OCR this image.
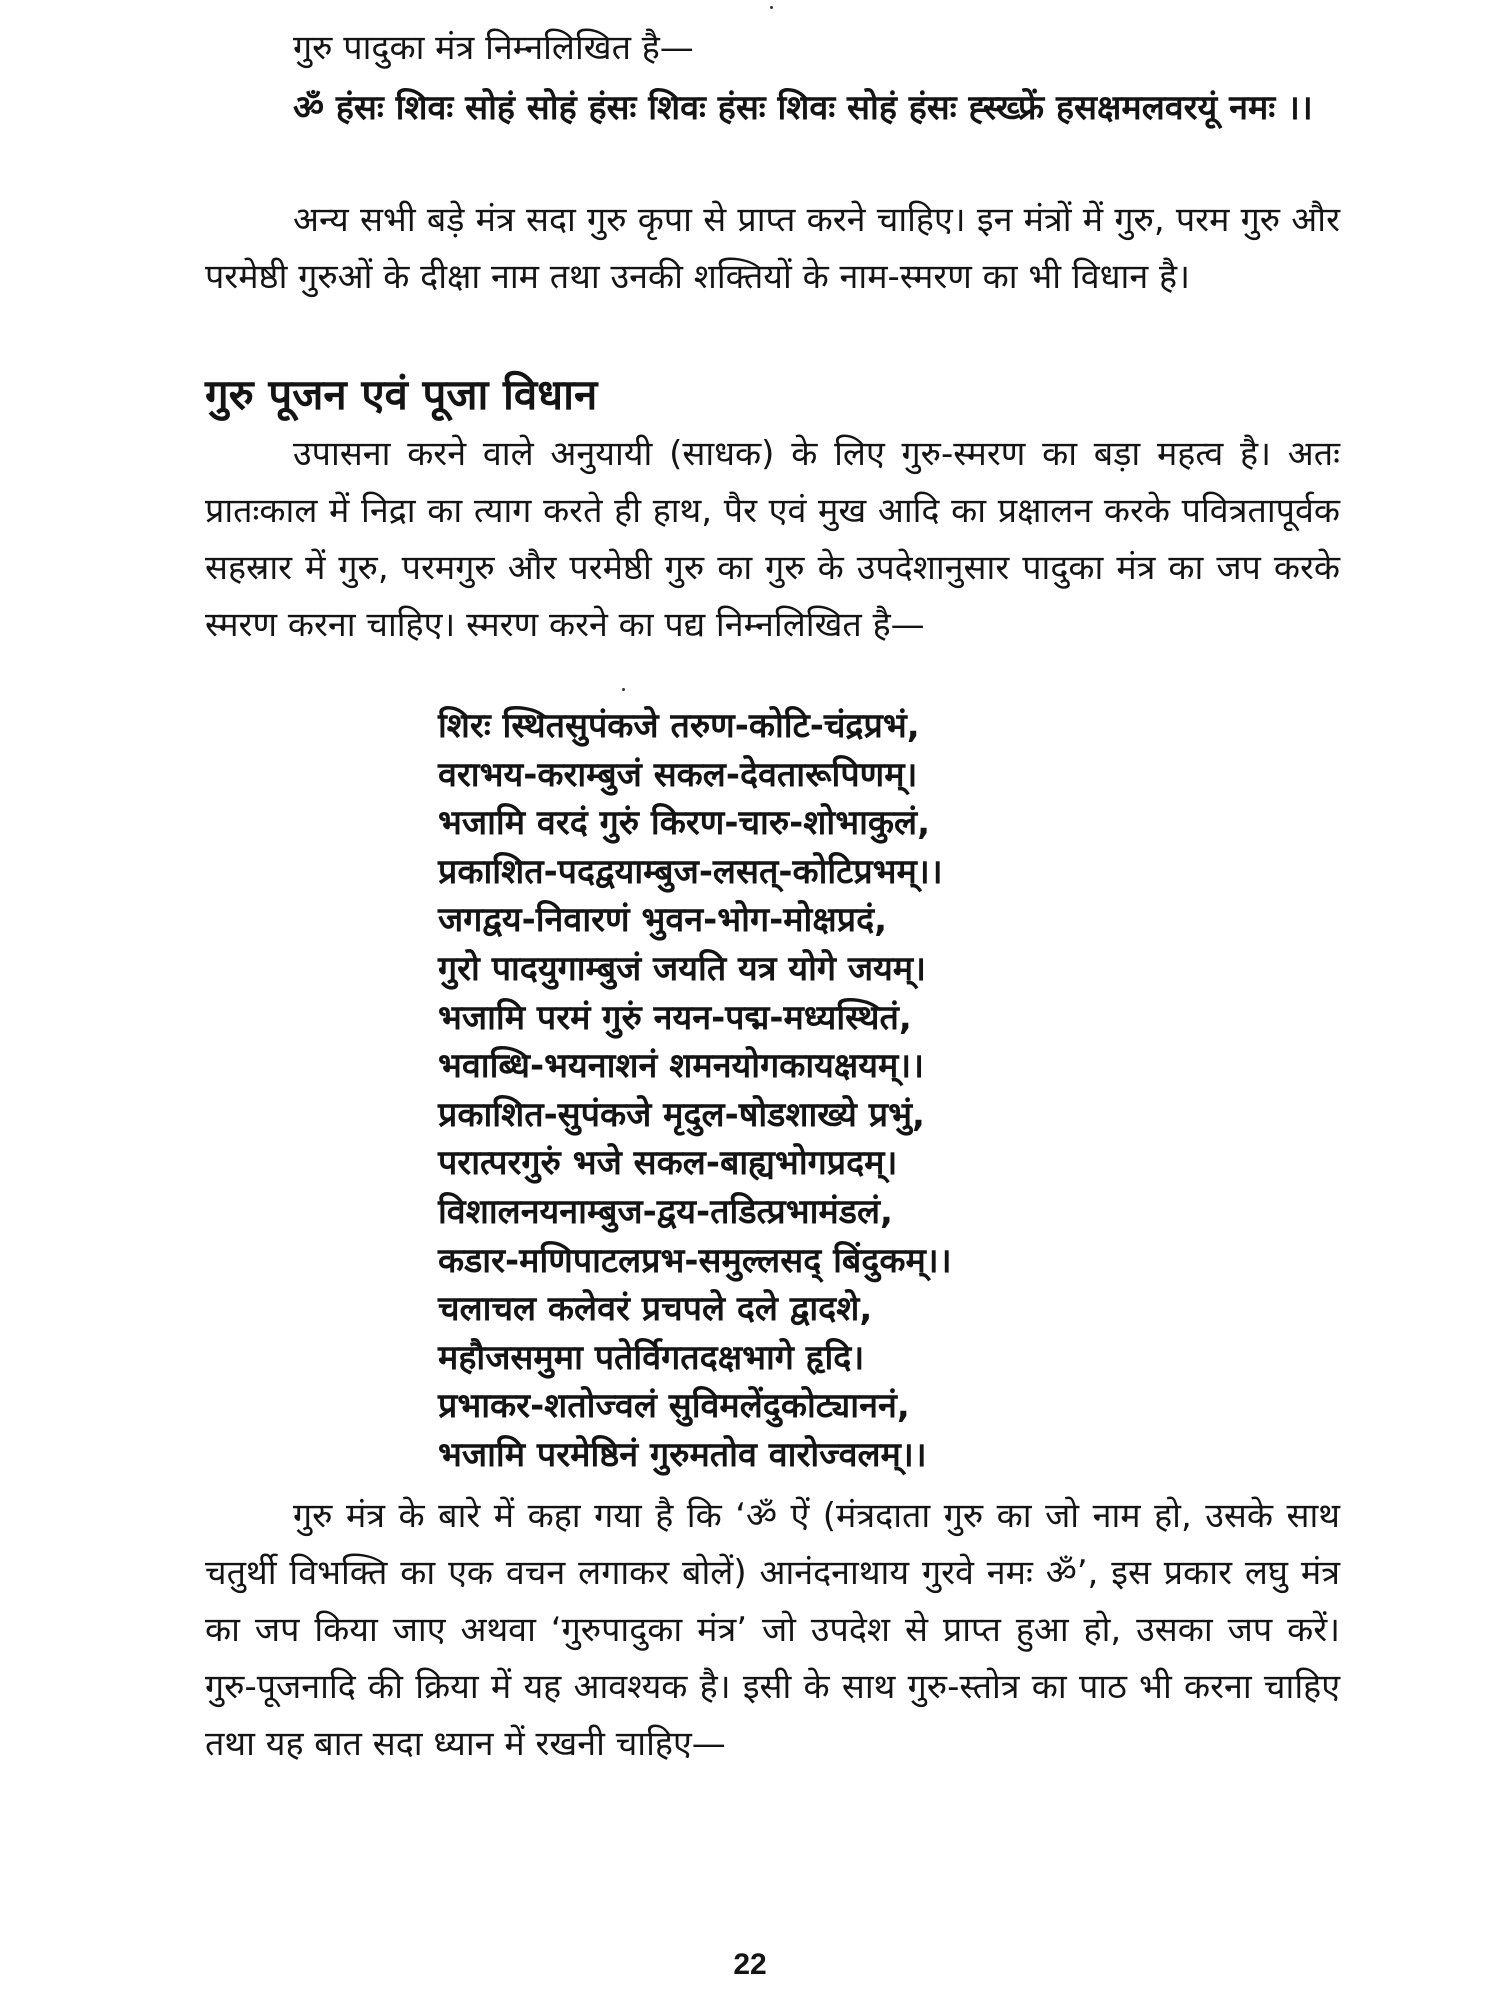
गुरु पादुका मंत्र निम्नलिखित है—

ॐ हंसः शिवः सोहं सोहं हंसः शिवः हंसः शिवः सोहं हंसः ह्स्ख्फ्रें हसक्षमलवरयूं नमः ।।

अन्य सभी बड़े मंत्र सदा गुरु कृपा से प्राप्त करने चाहिए। इन मंत्रों में गुरु, परम गुरु और परमेष्ठी गुरुओं के दीक्षा नाम तथा उनकी शक्तियों के नाम-स्मरण का भी विधान है।

गुरु पूजन एवं पूजा विधान

उपासना करने वाले अनुयायी (साधक) के लिए गुरु-स्मरण का बड़ा महत्व है। अतः प्रातःकाल में निद्रा का त्याग करते ही हाथ, पैर एवं मुख आदि का प्रक्षालन करके पवित्रतापूर्वक सहस्रार में गुरु, परमगुरु और परमेष्ठी गुरु का गुरु के उपदेशानुसार पादुका मंत्र का जप करके स्मरण करना चाहिए। स्मरण करने का पद्य निम्नलिखित है—

शिरः स्थितसुपंकजे तरुण-कोटि-चंद्रप्रभं,
वराभय-कराम्बुजं सकल-देवतारूपिणम्।
भजामि वरदं गुरुं किरण-चारु-शोभाकुलं,
प्रकाशित-पदद्वयाम्बुज-लसत्-कोटिप्रभम्।।
जगद्वय-निवारणं भुवन-भोग-मोक्षप्रदं,
गुरो पादयुगाम्बुजं जयति यत्र योगे जयम्।
भजामि परमं गुरुं नयन-पद्म-मध्यस्थितं,
भवाब्धि-भयनाशनं शमनयोगकायक्षयम्।।
प्रकाशित-सुपंकजे मृदुल-षोडशाख्ये प्रभुं,
परात्परगुरुं भजे सकल-बाह्यभोगप्रदम्।
विशालनयनाम्बुज-द्वय-तडित्प्रभामंडलं,
कडार-मणिपाटलप्रभ-समुल्लसद् बिंदुकम्।।
चलाचल कलेवरं प्रचपले दले द्वादशे,
महौजसमुमा पतेर्विगतदक्षभागे हृदि।
प्रभाकर-शतोज्वलं सुविमलेंदुकोट्याननं,
भजामि परमेष्ठिनं गुरुमतोव वारोज्वलम्।।

गुरु मंत्र के बारे में कहा गया है कि ‘ॐ ऐं (मंत्रदाता गुरु का जो नाम हो, उसके साथ चतुर्थी विभक्ति का एक वचन लगाकर बोलें) आनंदनाथाय गुरवे नमः ॐ’, इस प्रकार लघु मंत्र का जप किया जाए अथवा ‘गुरुपादुका मंत्र’ जो उपदेश से प्राप्त हुआ हो, उसका जप करें। गुरु-पूजनादि की क्रिया में यह आवश्यक है। इसी के साथ गुरु-स्तोत्र का पाठ भी करना चाहिए तथा यह बात सदा ध्यान में रखनी चाहिए—

22
